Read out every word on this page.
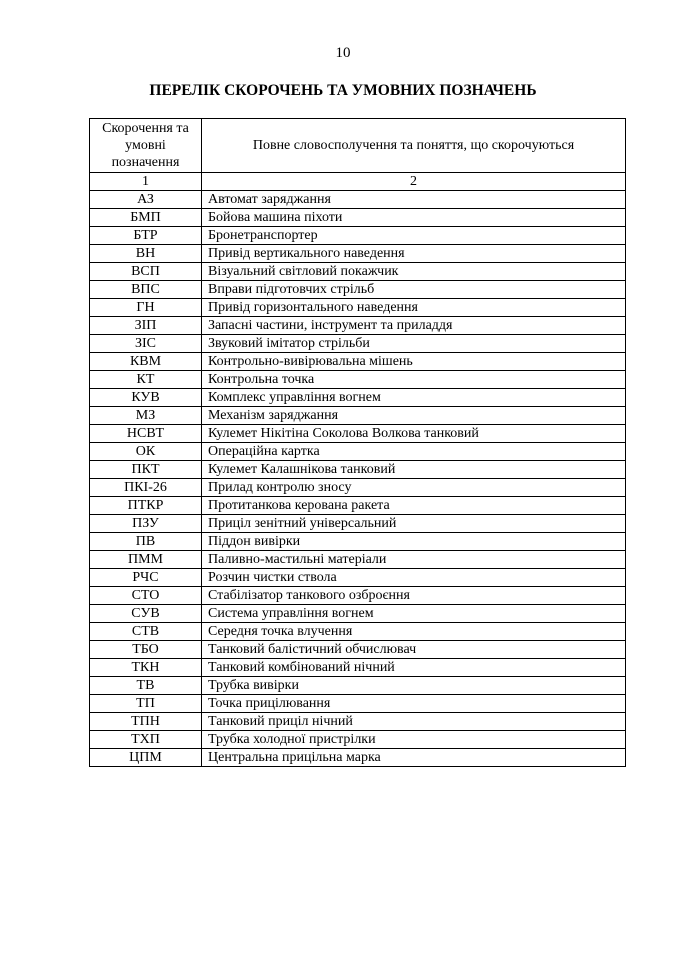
10
ПЕРЕЛІК СКОРОЧЕНЬ ТА УМОВНИХ ПОЗНАЧЕНЬ
Скорочення та умовні позначення	Повне словосполучення та поняття, що скорочуються
1	2
АЗ	Автомат заряджання
БМП	Бойова машина піхоти
БТР	Бронетранспортер
ВН	Привід вертикального наведення
ВСП	Візуальний світловий покажчик
ВПС	Вправи підготовчих стрільб
ГН	Привід горизонтального наведення
ЗІП	Запасні частини, інструмент та приладдя
ЗІС	Звуковий імітатор стрільби
КВМ	Контрольно-вивірювальна мішень
КТ	Контрольна точка
КУВ	Комплекс управління вогнем
МЗ	Механізм заряджання
НСВТ	Кулемет Нікітіна Соколова Волкова танковий
ОК	Операційна картка
ПКТ	Кулемет Калашнікова танковий
ПКІ-26	Прилад контролю зносу
ПТКР	Протитанкова керована ракета
ПЗУ	Приціл зенітний універсальний
ПВ	Піддон вивірки
ПММ	Паливно-мастильні матеріали
РЧС	Розчин чистки ствола
СТО	Стабілізатор танкового озброєння
СУВ	Система управління вогнем
СТВ	Середня точка влучення
ТБО	Танковий балістичний обчислювач
ТКН	Танковий комбінований нічний
ТВ	Трубка вивірки
ТП	Точка прицілювання
ТПН	Танковий приціл нічний
ТХП	Трубка холодної пристрілки
ЦПМ	Центральна прицільна марка
